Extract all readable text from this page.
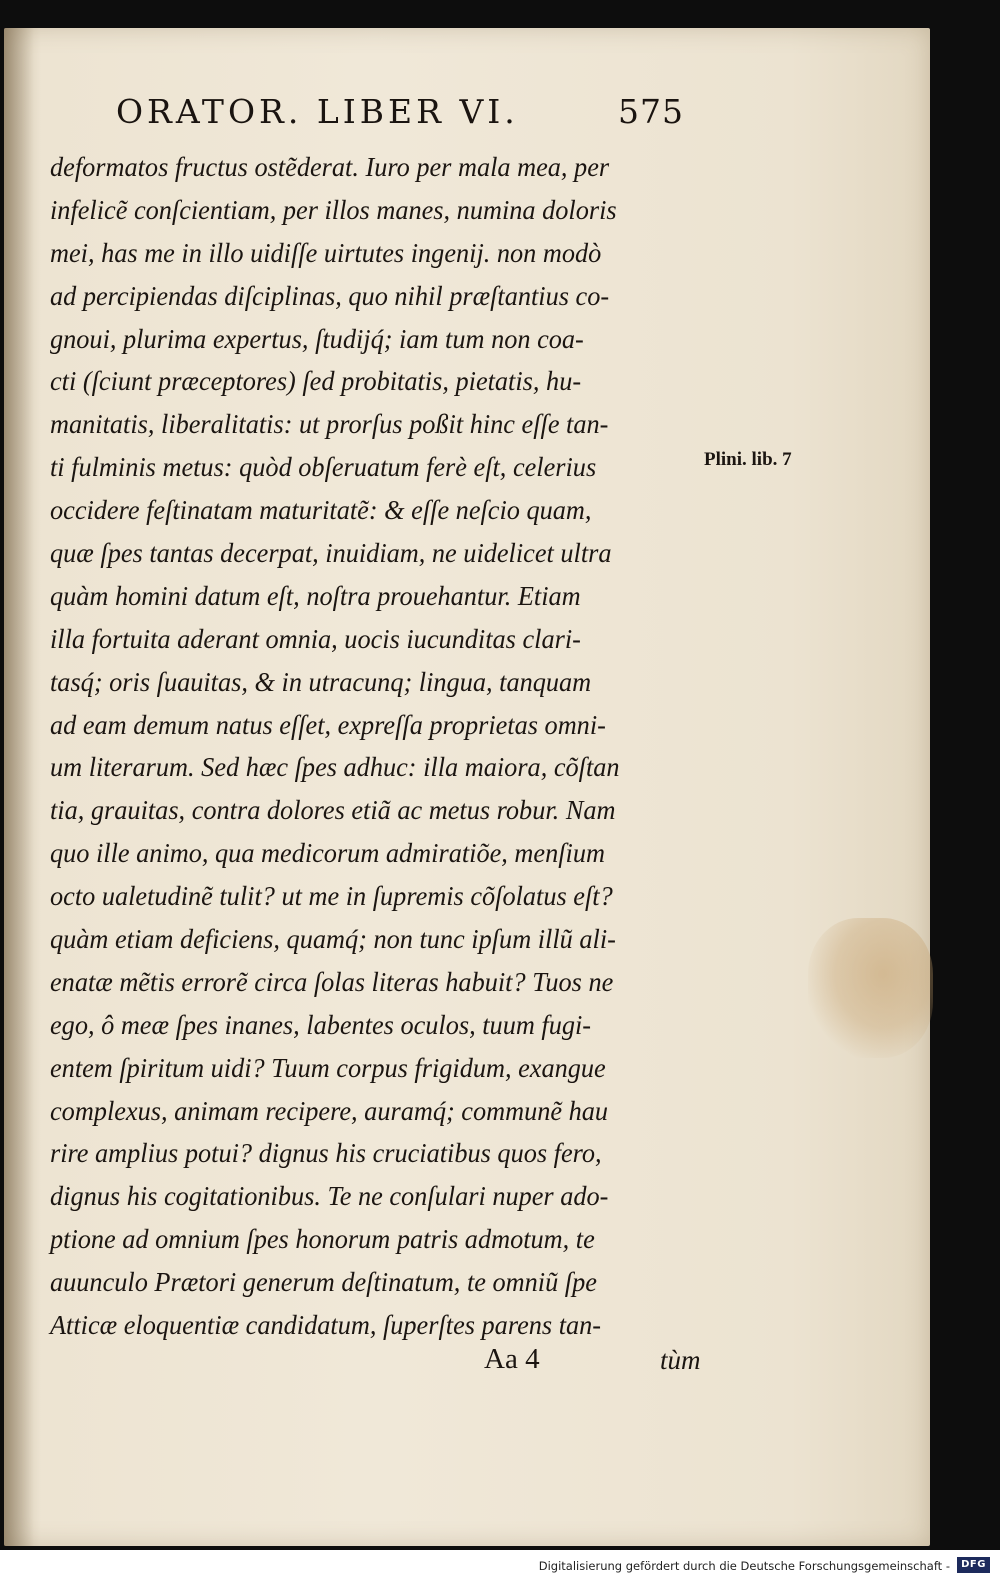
ORATOR. LIBER VI.	575
deformatos fructus ostẽderat. Iuro per mala mea, per
infelicẽ conſcientiam, per illos manes, numina doloris
mei, has me in illo uidiſſe uirtutes ingenij. non modò
ad percipiendas diſciplinas, quo nihil præſtantius co-
gnoui, plurima expertus, ſtudijq́; iam tum non coa-
cti (ſciunt præceptores) ſed probitatis, pietatis, hu-
manitatis, liberalitatis: ut prorſus poßit hinc eſſe tan-
ti fulminis metus: quòd obſeruatum ferè eſt, celerius
occidere feſtinatam maturitatẽ: & eſſe neſcio quam,
quæ ſpes tantas decerpat, inuidiam, ne uidelicet ultra
quàm homini datum eſt, noſtra prouehantur. Etiam
illa fortuita aderant omnia, uocis iucunditas clari-
tasq́; oris ſuauitas, & in utracunq; lingua, tanquam
ad eam demum natus eſſet, expreſſa proprietas omni-
um literarum. Sed hæc ſpes adhuc: illa maiora, cõſtan
tia, grauitas, contra dolores etiã ac metus robur. Nam
quo ille animo, qua medicorum admiratiõe, menſium
octo ualetudinẽ tulit? ut me in ſupremis cõſolatus eſt?
quàm etiam deficiens, quamq́; non tunc ipſum illũ ali-
enatæ mẽtis errorẽ circa ſolas literas habuit? Tuos ne
ego, ô meæ ſpes inanes, labentes oculos, tuum fugi-
entem ſpiritum uidi? Tuum corpus frigidum, exangue
complexus, animam recipere, auramq́; communẽ hau
rire amplius potui? dignus his cruciatibus quos fero,
dignus his cogitationibus. Te ne conſulari nuper ado-
ptione ad omnium ſpes honorum patris admotum, te
auunculo Prætori generum deſtinatum, te omniũ ſpe
Atticæ eloquentiæ candidatum, ſuperſtes parens tan-
Plini. lib. 7
Aa 4	tùm
Digitalisierung gefördert durch die Deutsche Forschungsgemeinschaft -	DFG
